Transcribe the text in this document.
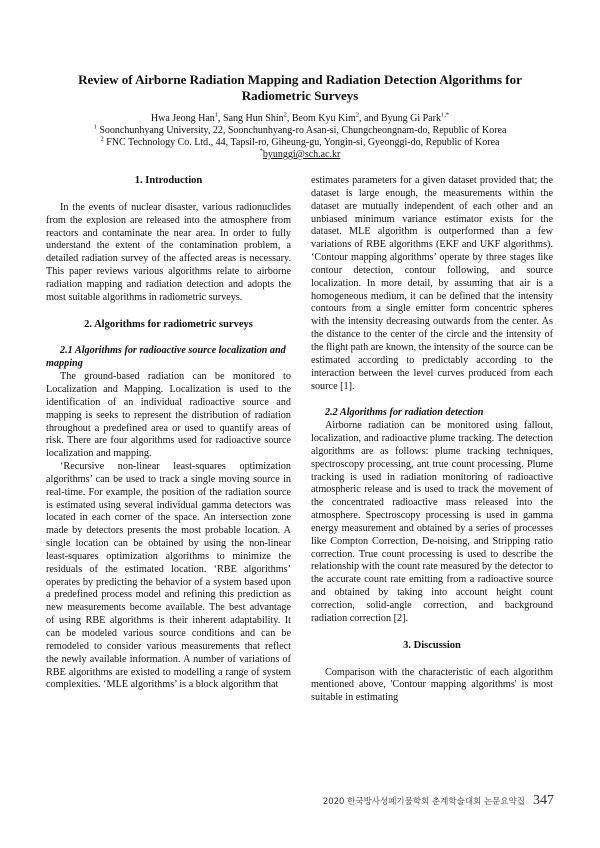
Review of Airborne Radiation Mapping and Radiation Detection Algorithms for Radiometric Surveys
Hwa Jeong Han$^1$, Sang Hun Shin$^2$, Beom Kyu Kim$^2$, and Byung Gi Park$^{1,*}$
$^1$ Soonchunhyang University, 22, Soonchunhyang-ro Asan-si, Chungcheongnam-do, Republic of Korea
$^2$ FNC Technology Co. Ltd., 44, Tapsil-ro, Giheung-gu, Yongin-si, Gyeonggi-do, Republic of Korea
*byunggi@sch.ac.kr
1. Introduction

In the events of nuclear disaster, various radionuclides from the explosion are released into the atmosphere from reactors and contaminate the near area. In order to fully understand the extent of the contamination problem, a detailed radiation survey of the affected areas is necessary. This paper reviews various algorithms relate to airborne radiation mapping and radiation detection and adopts the most suitable algorithms in radiometric surveys.

2. Algorithms for radiometric surveys

2.1 Algorithms for radioactive source localization and mapping

The ground-based radiation can be monitored to Localization and Mapping. Localization is used to the identification of an individual radioactive source and mapping is seeks to represent the distribution of radiation throughout a predefined area or used to quantify areas of risk. There are four algorithms used for radioactive source localization and mapping.

‘Recursive non-linear least-squares optimization algorithms’ can be used to track a single moving source in real-time. For example, the position of the radiation source is estimated using several individual gamma detectors was located in each corner of the space. An intersection zone made by detectors presents the most probable location. A single location can be obtained by using the non-linear least-squares optimization algorithms to minimize the residuals of the estimated location. ‘RBE algorithms’ operates by predicting the behavior of a system based upon a predefined process model and refining this prediction as new measurements become available. The best advantage of using RBE algorithms is their inherent adaptability. It can be modeled various source conditions and can be remodeled to consider various measurements that reflect the newly available information. A number of variations of RBE algorithms are existed to modelling a range of system complexities. ‘MLE algorithms’ is a block algorithm that

estimates parameters for a given dataset provided that; the dataset is large enough, the measurements within the dataset are mutually independent of each other and an unbiased minimum variance estimator exists for the dataset. MLE algorithm is outperformed than a few variations of RBE algorithms (EKF and UKF algorithms). ‘Contour mapping algorithms’ operate by three stages like contour detection, contour following, and source localization. In more detail, by assuming that air is a homogeneous medium, it can be defined that the intensity contours from a single emitter form concentric spheres with the intensity decreasing outwards from the center. As the distance to the center of the circle and the intensity of the flight path are known, the intensity of the source can be estimated according to predictably according to the interaction between the level curves produced from each source [1].

2.2 Algorithms for radiation detection

Airborne radiation can be monitored using fallout, localization, and radioactive plume tracking. The detection algorithms are as follows: plume tracking techniques, spectroscopy processing, ant true count processing. Plume tracking is used in radiation monitoring of radioactive atmospheric release and is used to track the movement of the concentrated radioactive mass released into the atmosphere. Spectroscopy processing is used in gamma energy measurement and obtained by a series of processes like Compton Correction, De-noising, and Stripping ratio correction. True count processing is used to describe the relationship with the count rate measured by the detector to the accurate count rate emitting from a radioactive source and obtained by taking into account height count correction, solid-angle correction, and background radiation correction [2].

3. Discussion

Comparison with the characteristic of each algorithm mentioned above, 'Contour mapping algorithms' is most suitable in estimating

2020 한국방사성폐기물학회 춘계학술대회 논문요약집 347
